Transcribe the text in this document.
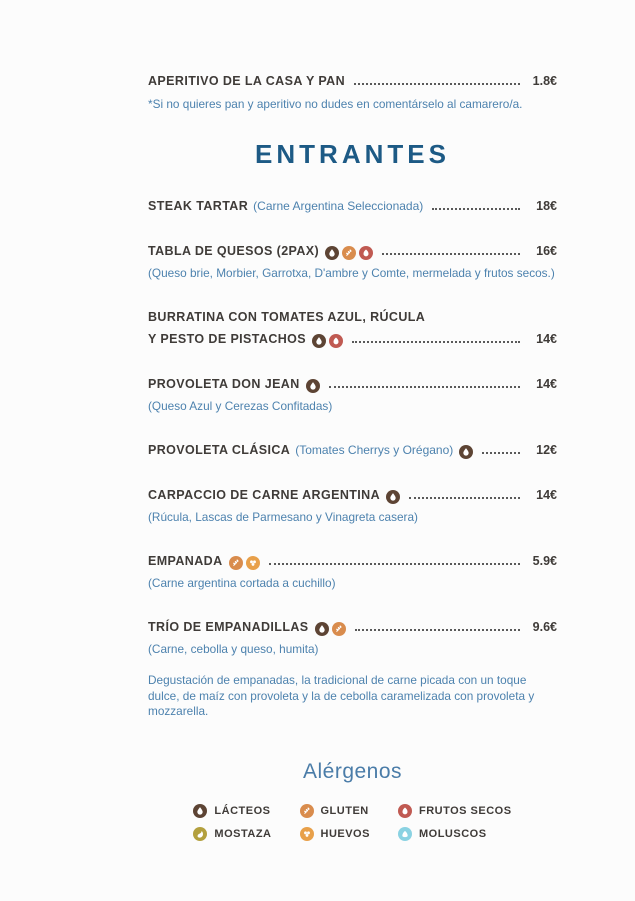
APERITIVO DE LA CASA Y PAN	1.8€
*Si no quieres pan y aperitivo no dudes en comentárselo al camarero/a.
ENTRANTES
STEAK TARTAR (Carne Argentina Seleccionada)	18€
TABLA DE QUESOS (2PAX)	16€
(Queso brie, Morbier, Garrotxa, D'ambre y Comte, mermelada y frutos secos.)
BURRATINA CON TOMATES AZUL, RÚCULA
Y PESTO DE PISTACHOS	14€
PROVOLETA DON JEAN	14€
(Queso Azul y Cerezas Confitadas)
PROVOLETA CLÁSICA (Tomates Cherrys y Orégano)	12€
CARPACCIO DE CARNE ARGENTINA	14€
(Rúcula, Lascas de Parmesano y Vinagreta casera)
EMPANADA	5.9€
(Carne argentina cortada a cuchillo)
TRÍO DE EMPANADILLAS	9.6€
(Carne, cebolla y queso, humita)
Degustación de empanadas, la tradicional de carne picada con un toque dulce, de maíz con provoleta y la de cebolla caramelizada con provoleta y mozzarella.
Alérgenos
LÁCTEOS	GLUTEN	FRUTOS SECOS
MOSTAZA	HUEVOS	MOLUSCOS
